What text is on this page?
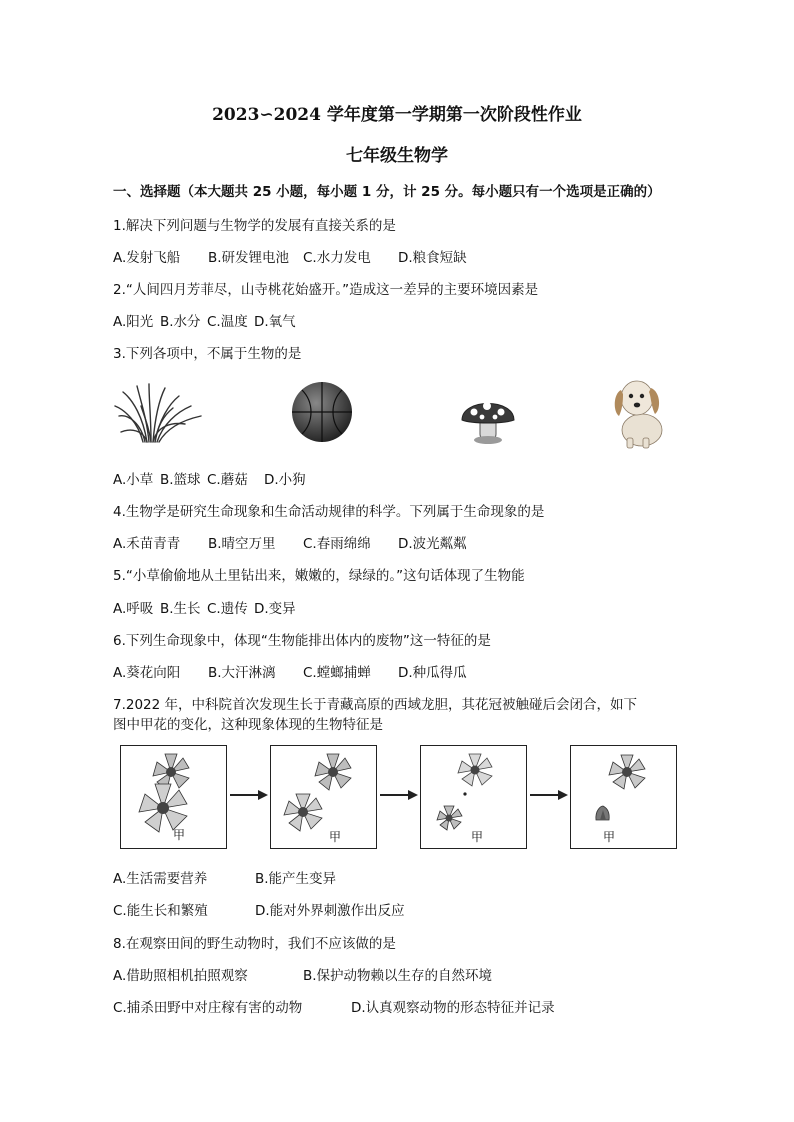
2023∽2024 学年度第一学期第一次阶段性作业
七年级生物学
一、选择题（本大题共 25 小题，每小题 1 分，计 25 分。每小题只有一个选项是正确的）
1.解决下列问题与生物学的发展有直接关系的是
A.发射飞船 B.研发锂电池 C.水力发电 D.粮食短缺
2.“人间四月芳菲尽，山寺桃花始盛开。”造成这一差异的主要环境因素是
A.阳光 B.水分 C.温度 D.氧气
3.下列各项中，不属于生物的是
A.小草 B.篮球 C.蘑菇 D.小狗
4.生物学是研究生命现象和生命活动规律的科学。下列属于生命现象的是
A.禾苗青青 B.晴空万里 C.春雨绵绵 D.波光粼粼
5.“小草偷偷地从土里钻出来，嫩嫩的，绿绿的。”这句话体现了生物能
A.呼吸 B.生长 C.遗传 D.变异
6.下列生命现象中，体现“生物能排出体内的废物”这一特征的是
A.葵花向阳 B.大汗淋漓 C.螳螂捕蝉 D.种瓜得瓜
7.2022 年，中科院首次发现生长于青藏高原的西域龙胆，其花冠被触碰后会闭合，如下
图中甲花的变化，这种现象体现的生物特征是
甲	甲	甲	甲
A.生活需要营养	B.能产生变异
C.能生长和繁殖	D.能对外界刺激作出反应
8.在观察田间的野生动物时，我们不应该做的是
A.借助照相机拍照观察	B.保护动物赖以生存的自然环境
C.捕杀田野中对庄稼有害的动物	D.认真观察动物的形态特征并记录
